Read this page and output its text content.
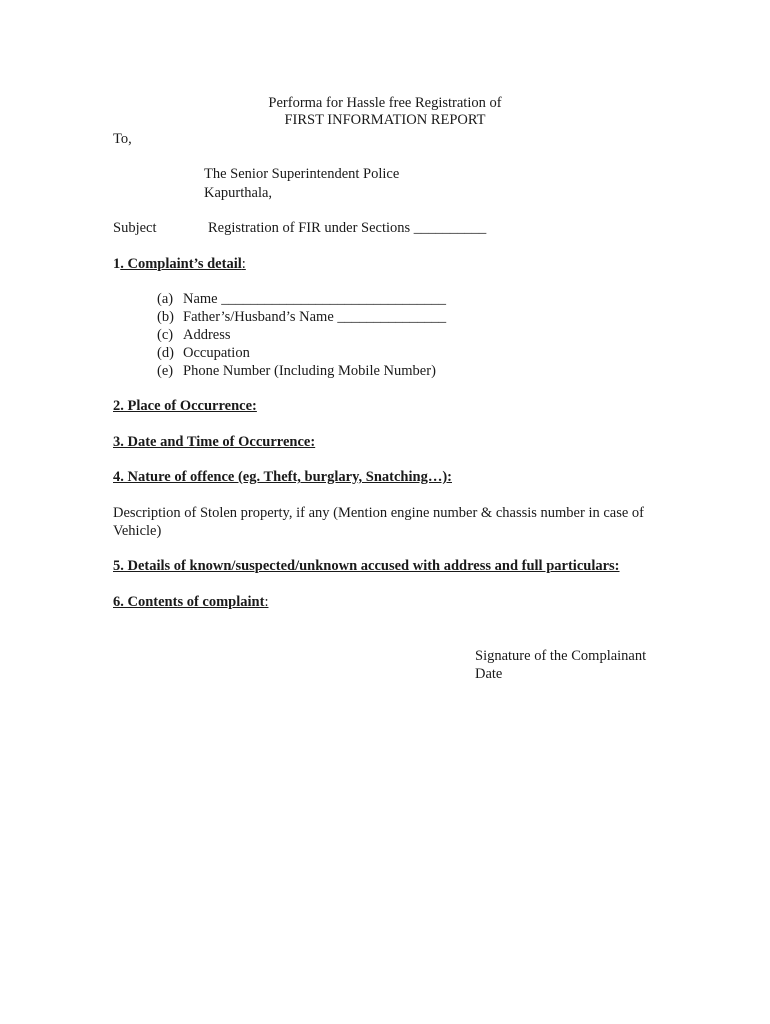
Performa for Hassle free Registration of
FIRST INFORMATION REPORT
To,
The Senior Superintendent Police
Kapurthala,
Subject	Registration of FIR under Sections __________
1. Complaint’s detail:
(a) Name _______________________________
(b) Father’s/Husband’s Name _______________
(c) Address
(d) Occupation
(e) Phone Number (Including Mobile Number)
2. Place of Occurrence:
3. Date and Time of Occurrence:
4. Nature of offence (eg. Theft, burglary, Snatching…):
Description of Stolen property, if any (Mention engine number & chassis number in case of Vehicle)
5. Details of known/suspected/unknown accused with address and full particulars:
6. Contents of complaint:
Signature of the Complainant
Date
